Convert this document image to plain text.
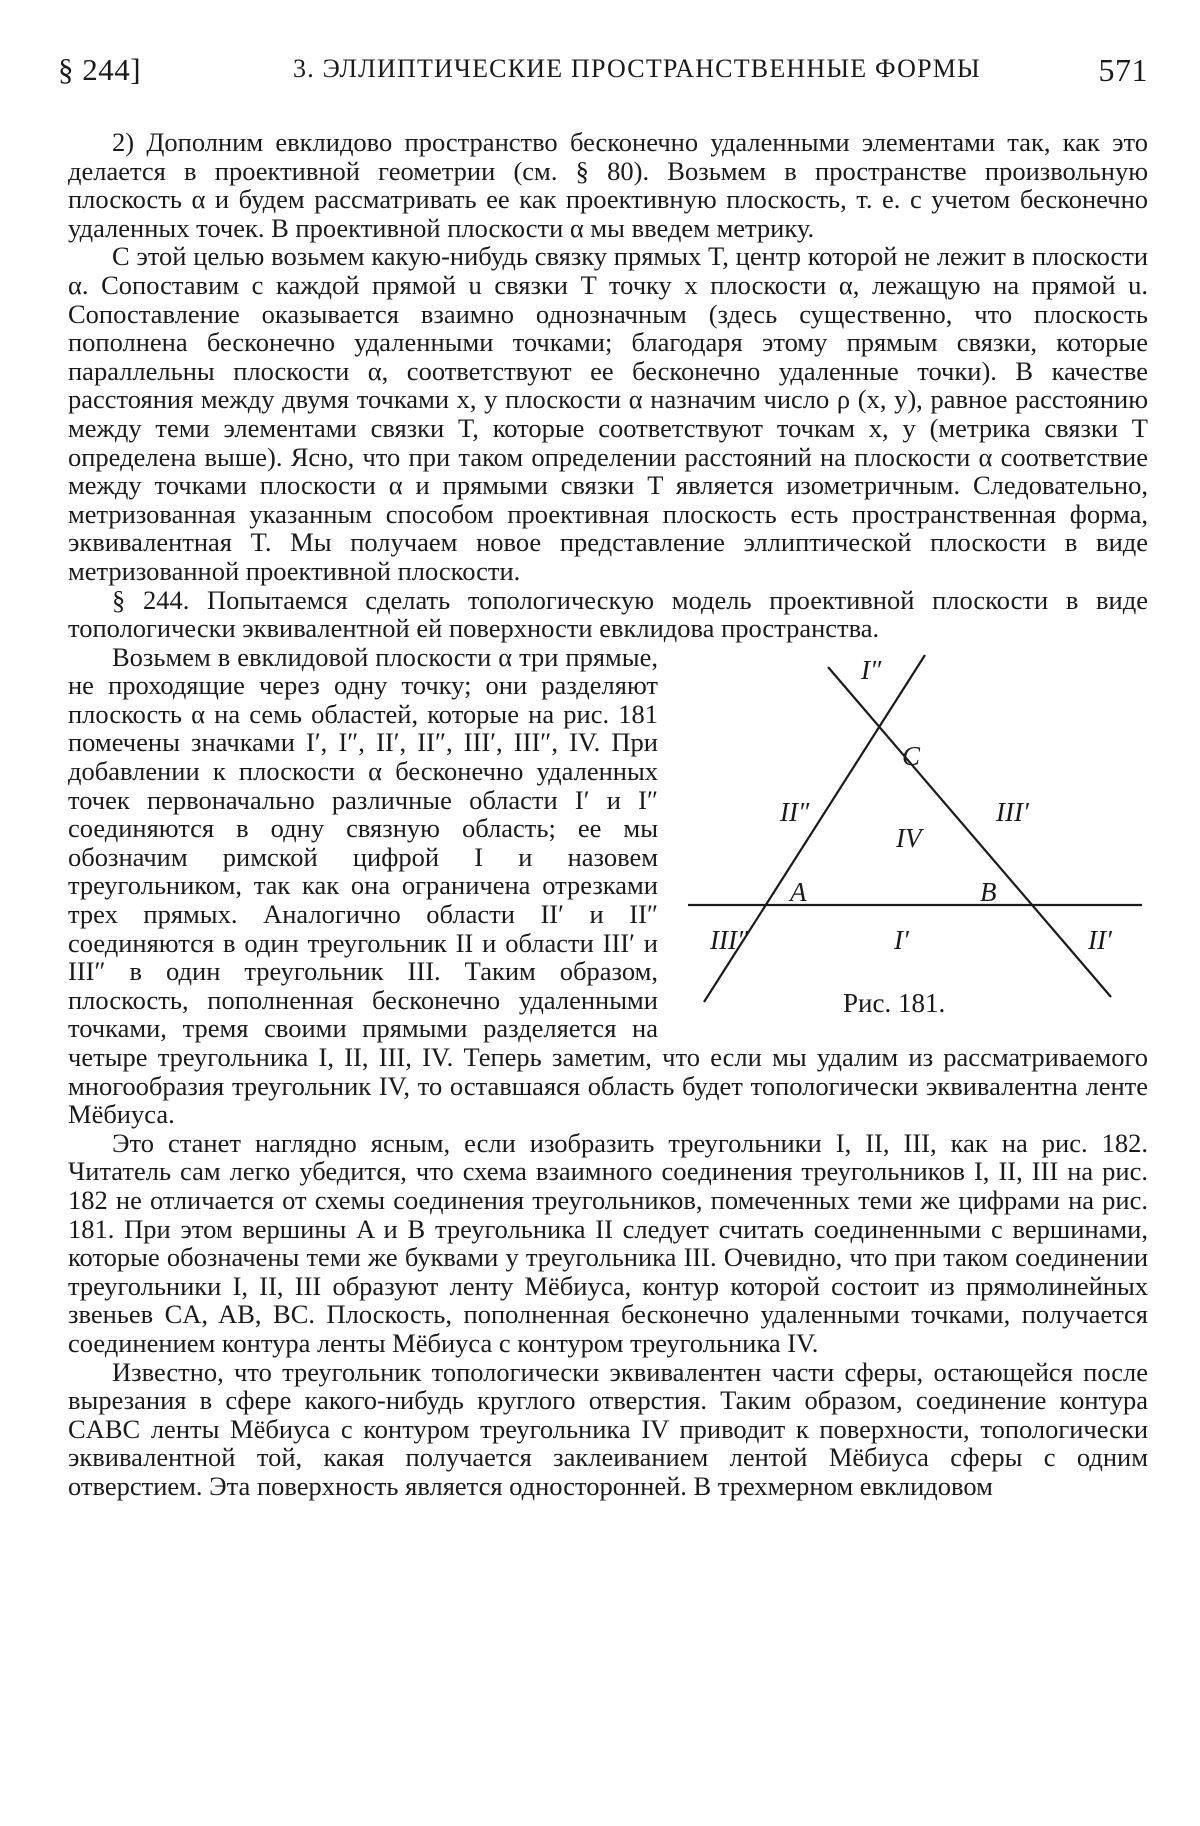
§ 244]	3. ЭЛЛИПТИЧЕСКИЕ ПРОСТРАНСТВЕННЫЕ ФОРМЫ	571

2) Дополним евклидово пространство бесконечно удаленными элементами так, как это делается в проективной геометрии (см. § 80). Возьмем в пространстве произвольную плоскость α и будем рассматривать ее как проективную плоскость, т. е. с учетом бесконечно удаленных точек. В проективной плоскости α мы введем метрику.

С этой целью возьмем какую-нибудь связку прямых T, центр которой не лежит в плоскости α. Сопоставим с каждой прямой u связки T точку x плоскости α, лежащую на прямой u. Сопоставление оказывается взаимно однозначным (здесь существенно, что плоскость пополнена бесконечно удаленными точками; благодаря этому прямым связки, которые параллельны плоскости α, соответствуют ее бесконечно удаленные точки). В качестве расстояния между двумя точками x, y плоскости α назначим число ρ (x, y), равное расстоянию между теми элементами связки T, которые соответствуют точкам x, y (метрика связки T определена выше). Ясно, что при таком определении расстояний на плоскости α соответствие между точками плоскости α и прямыми связки T является изометричным. Следовательно, метризованная указанным способом проективная плоскость есть пространственная форма, эквивалентная T. Мы получаем новое представление эллиптической плоскости в виде метризованной проективной плоскости.

§ 244. Попытаемся сделать топологическую модель проективной плоскости в виде топологически эквивалентной ей поверхности евклидова пространства.

I″
C
II″
IV
III′
A	B
III″	I′	II′
Рис. 181.

Возьмем в евклидовой плоскости α три прямые, не проходящие через одну точку; они разделяют плоскость α на семь областей, которые на рис. 181 помечены значками I′, I″, II′, II″, III′, III″, IV. При добавлении к плоскости α бесконечно удаленных точек первоначально различные области I′ и I″ соединяются в одну связную область; ее мы обозначим римской цифрой I и назовем треугольником, так как она ограничена отрезками трех прямых. Аналогично области II′ и II″ соединяются в один треугольник II и области III′ и III″ в один треугольник III. Таким образом, плоскость, пополненная бесконечно удаленными точками, тремя своими прямыми разделяется на четыре треугольника I, II, III, IV. Теперь заметим, что если мы удалим из рассматриваемого многообразия треугольник IV, то оставшаяся область будет топологически эквивалентна ленте Мёбиуса.

Это станет наглядно ясным, если изобразить треугольники I, II, III, как на рис. 182. Читатель сам легко убедится, что схема взаимного соединения треугольников I, II, III на рис. 182 не отличается от схемы соединения треугольников, помеченных теми же цифрами на рис. 181. При этом вершины A и B треугольника II следует считать соединенными с вершинами, которые обозначены теми же буквами у треугольника III. Очевидно, что при таком соединении треугольники I, II, III образуют ленту Мёбиуса, контур которой состоит из прямолинейных звеньев CA, AB, BC. Плоскость, пополненная бесконечно удаленными точками, получается соединением контура ленты Мёбиуса с контуром треугольника IV.

Известно, что треугольник топологически эквивалентен части сферы, остающейся после вырезания в сфере какого-нибудь круглого отверстия. Таким образом, соединение контура CABC ленты Мёбиуса с контуром треугольника IV приводит к поверхности, топологически эквивалентной той, какая получается заклеиванием лентой Мёбиуса сферы с одним отверстием. Эта поверхность является односторонней. В трехмерном евклидовом
